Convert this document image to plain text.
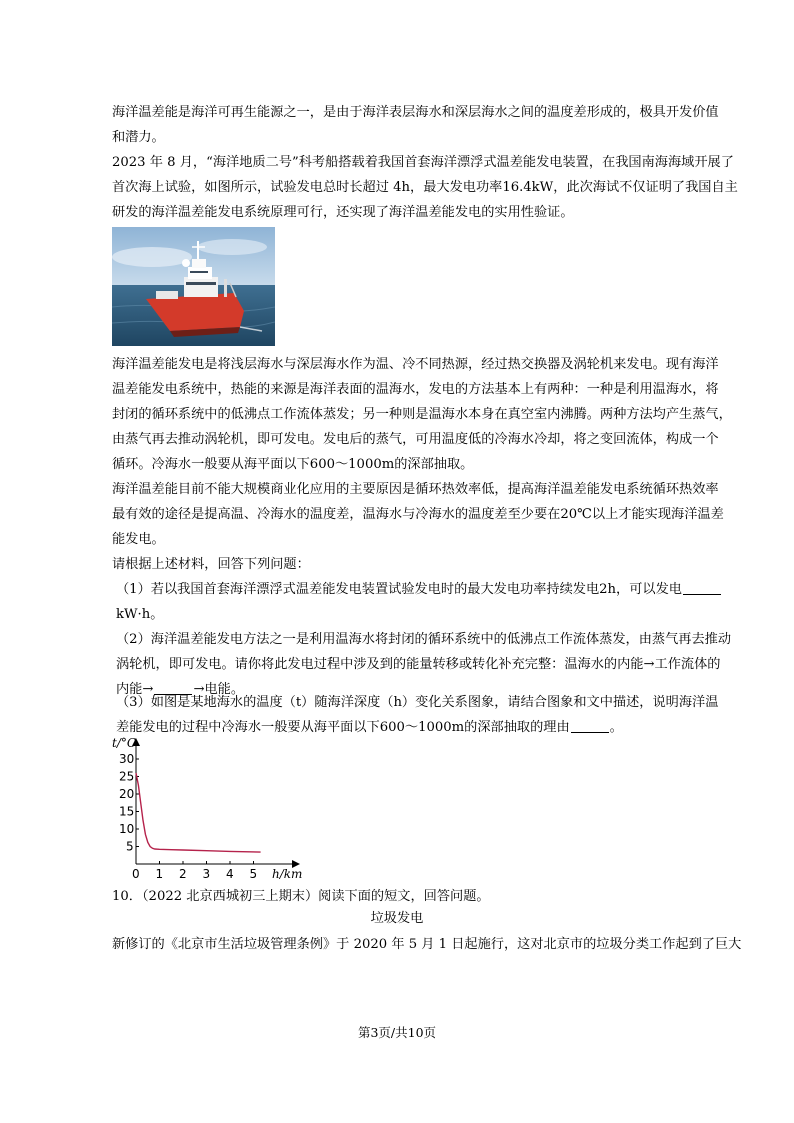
海洋温差能是海洋可再生能源之一，是由于海洋表层海水和深层海水之间的温度差形成的，极具开发价值
和潜力。
2023 年 8 月，“海洋地质二号”科考船搭载着我国首套海洋漂浮式温差能发电装置，在我国南海海域开展了
首次海上试验，如图所示，试验发电总时长超过 4h，最大发电功率16.4kW，此次海试不仅证明了我国自主
研发的海洋温差能发电系统原理可行，还实现了海洋温差能发电的实用性验证。
海洋温差能发电是将浅层海水与深层海水作为温、冷不同热源，经过热交换器及涡轮机来发电。现有海洋
温差能发电系统中，热能的来源是海洋表面的温海水，发电的方法基本上有两种：一种是利用温海水，将
封闭的循环系统中的低沸点工作流体蒸发；另一种则是温海水本身在真空室内沸腾。两种方法均产生蒸气，
由蒸气再去推动涡轮机，即可发电。发电后的蒸气，可用温度低的冷海水冷却，将之变回流体，构成一个
循环。冷海水一般要从海平面以下600～1000m的深部抽取。
海洋温差能目前不能大规模商业化应用的主要原因是循环热效率低，提高海洋温差能发电系统循环热效率
最有效的途径是提高温、冷海水的温度差，温海水与冷海水的温度差至少要在20℃以上才能实现海洋温差
能发电。
请根据上述材料，回答下列问题：
（1）若以我国首套海洋漂浮式温差能发电装置试验发电时的最大发电功率持续发电2h，可以发电
kW·h。
（2）海洋温差能发电方法之一是利用温海水将封闭的循环系统中的低沸点工作流体蒸发，由蒸气再去推动
涡轮机，即可发电。请你将此发电过程中涉及到的能量转移或转化补充完整：温海水的内能→工作流体的
内能→	→电能。
（3）如图是某地海水的温度（t）随海洋深度（h）变化关系图象，请结合图象和文中描述，说明海洋温
差能发电的过程中冷海水一般要从海平面以下600～1000m的深部抽取的理由	。
t/°C
h/km
0 1 2 3 4 5
5
10
15
20
25
30
10．（2022 北京西城初三上期末）阅读下面的短文，回答问题。
垃圾发电
新修订的《北京市生活垃圾管理条例》于 2020 年 5 月 1 日起施行，这对北京市的垃圾分类工作起到了巨大
第3页/共10页
